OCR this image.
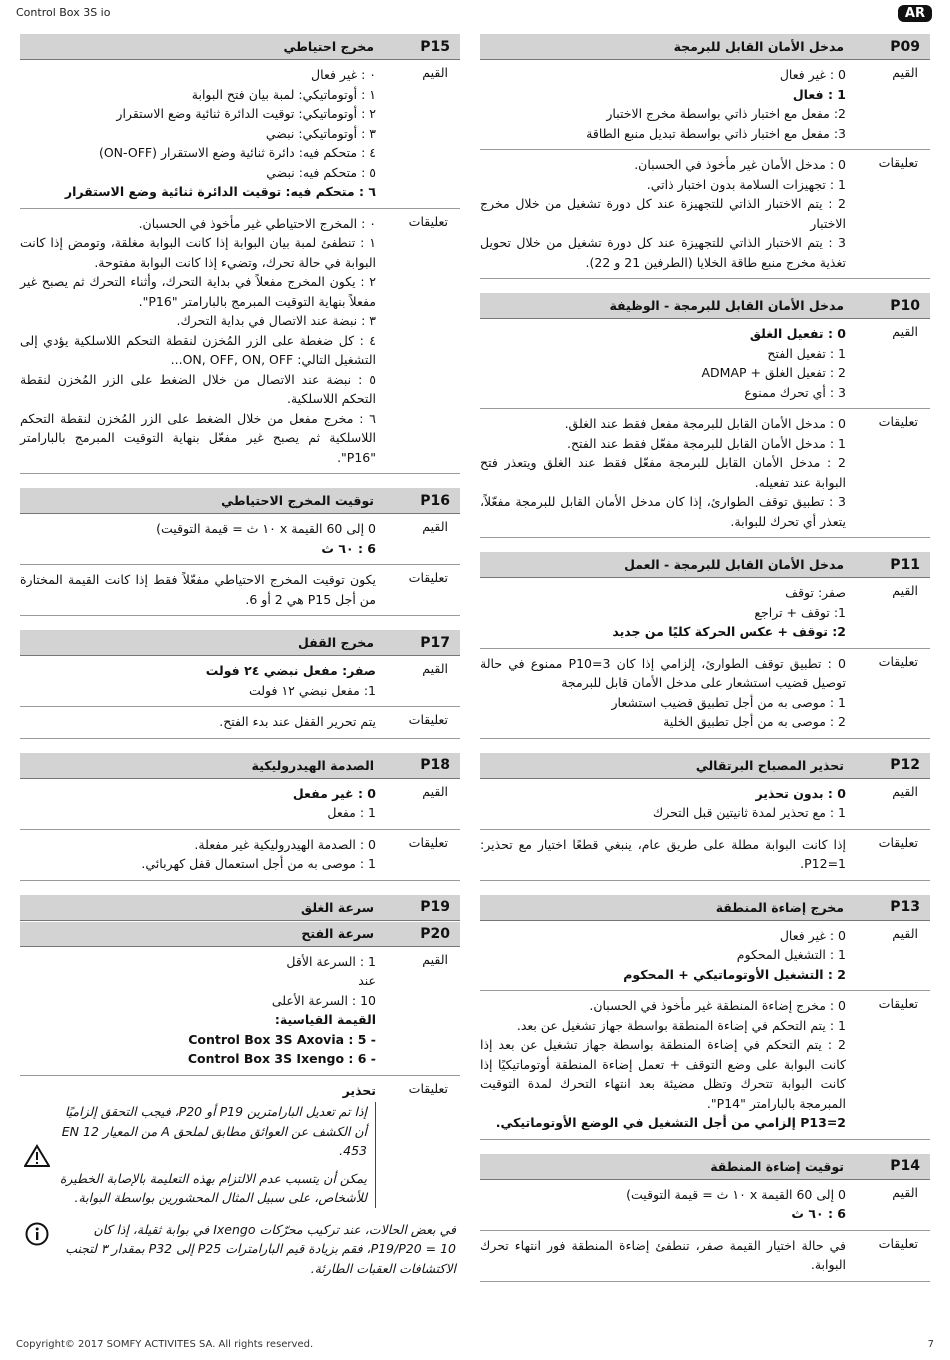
Control Box 3S io	AR
P09
مدخل الأمان القابل للبرمجة
القيم
0 : غير فعال
1 : فعال
2: مفعل مع اختبار ذاتي بواسطة مخرج الاختبار
3: مفعل مع اختبار ذاتي بواسطة تبديل منبع الطاقة
تعليقات
0 : مدخل الأمان غير مأخوذ في الحسبان.
1 : تجهيزات السلامة بدون اختبار ذاتي.
2 : يتم الاختبار الذاتي للتجهيزة عند كل دورة تشغيل من خلال مخرج الاختبار
3 : يتم الاختبار الذاتي للتجهيزة عند كل دورة تشغيل من خلال تحويل تغذية مخرج منبع طاقة الخلايا (الطرفين 21 و 22).
P10
مدخل الأمان القابل للبرمجة - الوظيفة
القيم
0 : تفعيل الغلق
1 : تفعيل الفتح
2 : تفعيل الغلق + ADMAP
3 : أي تحرك ممنوع
تعليقات
0 : مدخل الأمان القابل للبرمجة مفعل فقط عند الغلق.
1 : مدخل الأمان القابل للبرمجة مفعّل فقط عند الفتح.
2 : مدخل الأمان القابل للبرمجة مفعّل فقط عند الغلق ويتعذر فتح البوابة عند تفعيله.
3 : تطبيق توقف الطوارئ، إذا كان مدخل الأمان القابل للبرمجة مفعّلاً، يتعذر أي تحرك للبوابة.
P11
مدخل الأمان القابل للبرمجة - العمل
القيم
صفر: توقف
1: توقف + تراجع
2: توقف + عكس الحركة كليًا من جديد
تعليقات
0 : تطبيق توقف الطوارئ، إلزامي إذا كان P10=3 ممنوع في حالة توصيل قضيب استشعار على مدخل الأمان قابل للبرمجة
1 : موصى به من أجل تطبيق قضيب استشعار
2 : موصى به من أجل تطبيق الخلية
P12
تحذير المصباح البرتقالي
القيم
0 : بدون تحذير
1 : مع تحذير لمدة ثانيتين قبل التحرك
تعليقات
إذا كانت البوابة مطلة على طريق عام، ينبغي قطعًا اختيار مع تحذير: P12=1.
P13
مخرج إضاءة المنطقة
القيم
0 : غير فعال
1 : التشغيل المحكوم
2 : التشغيل الأوتوماتيكي + المحكوم
تعليقات
0 : مخرج إضاءة المنطقة غير مأخوذ في الحسبان.
1 : يتم التحكم في إضاءة المنطقة بواسطة جهاز تشغيل عن بعد.
2 : يتم التحكم في إضاءة المنطقة بواسطة جهاز تشغيل عن بعد إذا كانت البوابة على وضع التوقف + تعمل إضاءة المنطقة أوتوماتيكيًا إذا كانت البوابة تتحرك وتظل مضيئة بعد انتهاء التحرك لمدة التوقيت المبرمجة بالبارامتر "P14".
P13=2 إلزامي من أجل التشغيل في الوضع الأوتوماتيكي.
P14
توقيت إضاءة المنطقة
القيم
0 إلى 60 القيمة x ١٠ ث = قيمة التوقيت)
6 : ٦٠ ث
تعليقات
في حالة اختيار القيمة صفر، تنطفئ إضاءة المنطقة فور انتهاء تحرك البوابة.
P15
مخرج احتياطي
القيم
٠ : غير فعال
١ : أوتوماتيكي: لمبة بيان فتح البوابة
٢ : أوتوماتيكي: توقيت الدائرة ثنائية وضع الاستقرار
٣ : أوتوماتيكي: نبضي
٤ : متحكم فيه: دائرة ثنائية وضع الاستقرار (ON-OFF)
٥ : متحكم فيه: نبضي
٦ : متحكم فيه: توقيت الدائرة ثنائية وضع الاستقرار
تعليقات
٠ : المخرج الاحتياطي غير مأخوذ في الحسبان.
١ : تنطفئ لمبة بيان البوابة إذا كانت البوابة مغلقة، وتومض إذا كانت البوابة في حالة تحرك، وتضيء إذا كانت البوابة مفتوحة.
٢ : يكون المخرج مفعلاً في بداية التحرك، وأثناء التحرك ثم يصبح غير مفعلاً بنهاية التوقيت المبرمج بالبارامتر "P16".
٣ : نبضة عند الاتصال في بداية التحرك.
٤ : كل ضغطة على الزر المُخزن لنقطة التحكم اللاسلكية يؤدي إلى التشغيل التالي: ON, OFF, ON, OFF...
٥ : نبضة عند الاتصال من خلال الضغط على الزر المُخزن لنقطة التحكم اللاسلكية.
٦ : مخرج مفعل من خلال الضغط على الزر المُخزن لنقطة التحكم اللاسلكية ثم يصبح غير مفعّل بنهاية التوقيت المبرمج بالبارامتر "P16".
P16
توقيت المخرج الاحتياطي
القيم
0 إلى 60 القيمة x ١٠ ث = قيمة التوقيت)
6 : ٦٠ ث
تعليقات
يكون توقيت المخرج الاحتياطي مفعّلاً فقط إذا كانت القيمة المختارة من أجل P15 هي 2 أو 6.
P17
مخرج القفل
القيم
صفر: مفعل نبضي ٢٤ فولت
1: مفعل نبضي ١٢ فولت
تعليقات
يتم تحرير القفل عند بدء الفتح.
P18
الصدمة الهيدروليكية
القيم
0 : غير مفعل
1 : مفعل
تعليقات
0 : الصدمة الهيدروليكية غير مفعلة.
1 : موصى به من أجل استعمال قفل كهربائي.
P19
سرعة الغلق
P20
سرعة الفتح
القيم
1 : السرعة الأقل
عند
10 : السرعة الأعلى
القيمة القياسية:
- 5 : Control Box 3S Axovia
- 6 : Control Box 3S Ixengo
تعليقات
تحذير

إذا تم تعديل البارامترين P19 أو P20، فيجب التحقق إلزاميًا أن الكشف عن العوائق مطابق لملحق A من المعيار EN 12 453.

يمكن أن يتسبب عدم الالتزام بهذه التعليمة بالإصابة الخطيرة للأشخاص، على سبيل المثال المحشورين بواسطة البوابة.

في بعض الحالات، عند تركيب محرّكات Ixengo في بوابة ثقيلة، إذا كان P19/P20 = 10، فقم بزيادة قيم البارامترات P25 إلى P32 بمقدار ٣ لتجنب الاكتشافات العقبات الطارئة.
Copyright© 2017 SOMFY ACTIVITES SA. All rights reserved.	7
